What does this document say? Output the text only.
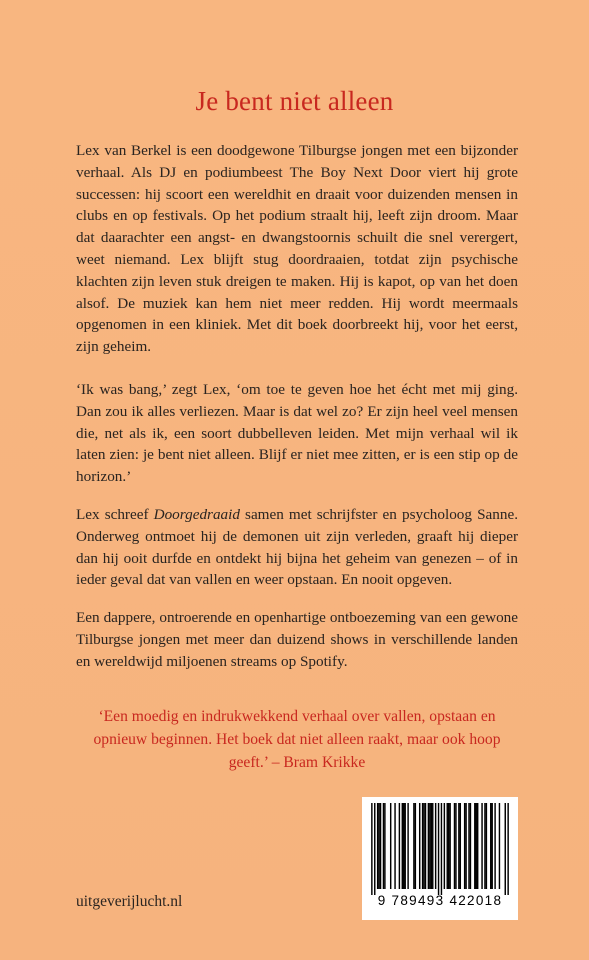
Je bent niet alleen

Lex van Berkel is een doodgewone Tilburgse jongen met een bijzonder verhaal. Als DJ en podiumbeest The Boy Next Door viert hij grote successen: hij scoort een wereldhit en draait voor duizenden mensen in clubs en op festivals. Op het podium straalt hij, leeft zijn droom. Maar dat daarachter een angst- en dwangstoornis schuilt die snel verergert, weet niemand. Lex blijft stug doordraaien, totdat zijn psychische klachten zijn leven stuk dreigen te maken. Hij is kapot, op van het doen alsof. De muziek kan hem niet meer redden. Hij wordt meermaals opgenomen in een kliniek. Met dit boek doorbreekt hij, voor het eerst, zijn geheim.

‘Ik was bang,’ zegt Lex, ‘om toe te geven hoe het écht met mij ging. Dan zou ik alles verliezen. Maar is dat wel zo? Er zijn heel veel mensen die, net als ik, een soort dubbelleven leiden. Met mijn verhaal wil ik laten zien: je bent niet alleen. Blijf er niet mee zitten, er is een stip op de horizon.’

Lex schreef Doorgedraaid samen met schrijfster en psycholoog Sanne. Onderweg ontmoet hij de demonen uit zijn verleden, graaft hij dieper dan hij ooit durfde en ontdekt hij bijna het geheim van genezen – of in ieder geval dat van vallen en weer opstaan. En nooit opgeven.

Een dappere, ontroerende en openhartige ontboezeming van een gewone Tilburgse jongen met meer dan duizend shows in verschillende landen en wereldwijd miljoenen streams op Spotify.

‘Een moedig en indrukwekkend verhaal over vallen, opstaan en opnieuw beginnen. Het boek dat niet alleen raakt, maar ook hoop geeft.’ – Bram Krikke

uitgeverijlucht.nl	9 789493 422018
